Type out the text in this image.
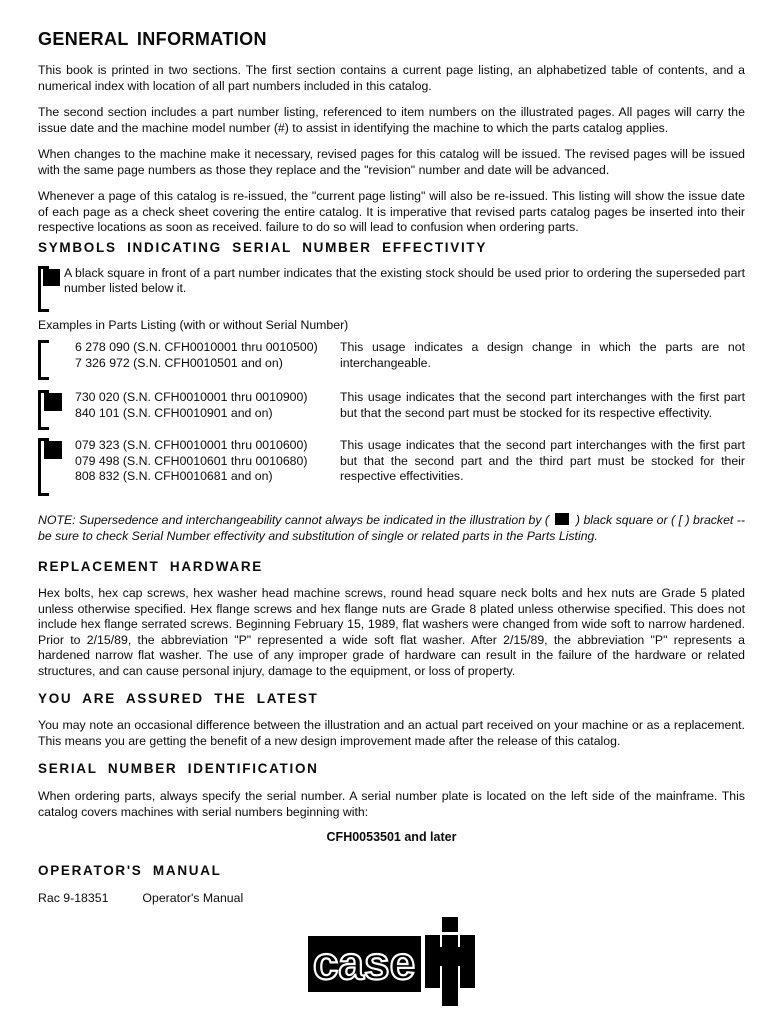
GENERAL INFORMATION

This book is printed in two sections. The first section contains a current page listing, an alphabetized table of contents, and a numerical index with location of all part numbers included in this catalog.

The second section includes a part number listing, referenced to item numbers on the illustrated pages. All pages will carry the issue date and the machine model number (#) to assist in identifying the machine to which the parts catalog applies.

When changes to the machine make it necessary, revised pages for this catalog will be issued. The revised pages will be issued with the same page numbers as those they replace and the "revision" number and date will be advanced.

Whenever a page of this catalog is re-issued, the "current page listing" will also be re-issued. This listing will show the issue date of each page as a check sheet covering the entire catalog. It is imperative that revised parts catalog pages be inserted into their respective locations as soon as received. failure to do so will lead to confusion when ordering parts.

SYMBOLS INDICATING SERIAL NUMBER EFFECTIVITY
A black square in front of a part number indicates that the existing stock should be used prior to ordering the superseded part number listed below it.

Examples in Parts Listing (with or without Serial Number)

6 278 090 (S.N. CFH0010001 thru 0010500)
7 326 972 (S.N. CFH0010501 and on)
This usage indicates a design change in which the parts are not interchangeable.
730 020 (S.N. CFH0010001 thru 0010900)
840 101 (S.N. CFH0010901 and on)
This usage indicates that the second part interchanges with the first part but that the second part must be stocked for its respective effectivity.
079 323 (S.N. CFH0010001 thru 0010600)
079 498 (S.N. CFH0010601 thru 0010680)
808 832 (S.N. CFH0010681 and on)
This usage indicates that the second part interchanges with the first part but that the second part and the third part must be stocked for their respective effectivities.

NOTE: Supersedence and interchangeability cannot always be indicated in the illustration by (  ) black square or ( [ ) bracket -- be sure to check Serial Number effectivity and substitution of single or related parts in the Parts Listing.

REPLACEMENT HARDWARE

Hex bolts, hex cap screws, hex washer head machine screws, round head square neck bolts and hex nuts are Grade 5 plated unless otherwise specified. Hex flange screws and hex flange nuts are Grade 8 plated unless otherwise specified. This does not include hex flange serrated screws. Beginning February 15, 1989, flat washers were changed from wide soft to narrow hardened. Prior to 2/15/89, the abbreviation "P" represented a wide soft flat washer. After 2/15/89, the abbreviation "P" represents a hardened narrow flat washer. The use of any improper grade of hardware can result in the failure of the hardware or related structures, and can cause personal injury, damage to the equipment, or loss of property.

YOU ARE ASSURED THE LATEST

You may note an occasional difference between the illustration and an actual part received on your machine or as a replacement. This means you are getting the benefit of a new design improvement made after the release of this catalog.

SERIAL NUMBER IDENTIFICATION

When ordering parts, always specify the serial number. A serial number plate is located on the left side of the mainframe. This catalog covers machines with serial numbers beginning with:

CFH0053501 and later
OPERATOR'S MANUAL
Rac 9-18351	Operator's Manual
case
